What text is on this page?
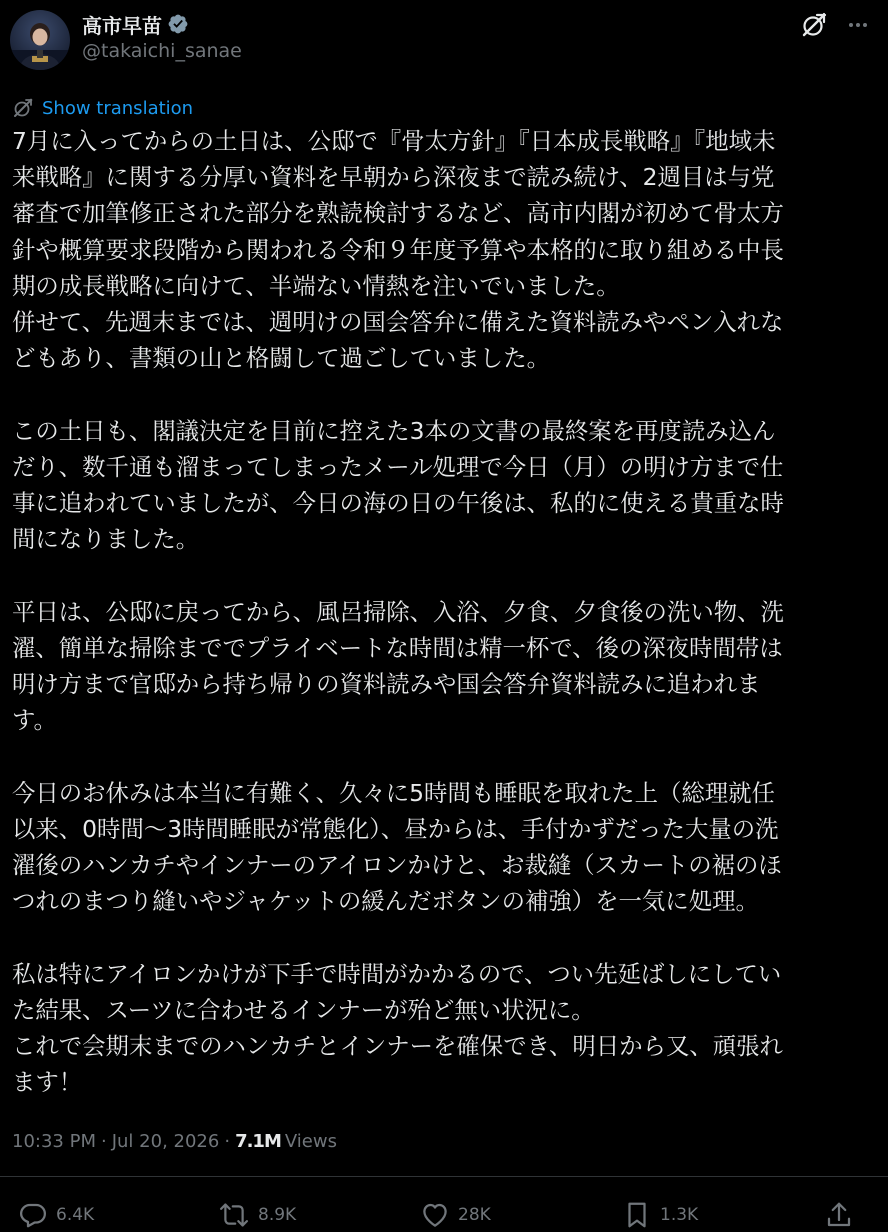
高市早苗
@takaichi_sanae
Show translation
7月に入ってからの土日は、公邸で『骨太方針』『日本成長戦略』『地域未
来戦略』に関する分厚い資料を早朝から深夜まで読み続け、2週目は与党
審査で加筆修正された部分を熟読検討するなど、高市内閣が初めて骨太方
針や概算要求段階から関われる令和９年度予算や本格的に取り組める中長
期の成長戦略に向けて、半端ない情熱を注いでいました。
併せて、先週末までは、週明けの国会答弁に備えた資料読みやペン入れな
どもあり、書類の山と格闘して過ごしていました。
この土日も、閣議決定を目前に控えた3本の文書の最終案を再度読み込ん
だり、数千通も溜まってしまったメール処理で今日（月）の明け方まで仕
事に追われていましたが、今日の海の日の午後は、私的に使える貴重な時
間になりました。
平日は、公邸に戻ってから、風呂掃除、入浴、夕食、夕食後の洗い物、洗
濯、簡単な掃除まででプライベートな時間は精一杯で、後の深夜時間帯は
明け方まで官邸から持ち帰りの資料読みや国会答弁資料読みに追われま
す。
今日のお休みは本当に有難く、久々に5時間も睡眠を取れた上（総理就任
以来、0時間〜3時間睡眠が常態化）、昼からは、手付かずだった大量の洗
濯後のハンカチやインナーのアイロンかけと、お裁縫（スカートの裾のほ
つれのまつり縫いやジャケットの緩んだボタンの補強）を一気に処理。
私は特にアイロンかけが下手で時間がかかるので、つい先延ばしにしてい
た結果、スーツに合わせるインナーが殆ど無い状況に。
これで会期末までのハンカチとインナーを確保でき、明日から又、頑張れ
ます！
10:33 PM · Jul 20, 2026 · 7.1M Views
6.4K	8.9K	28K	1.3K
